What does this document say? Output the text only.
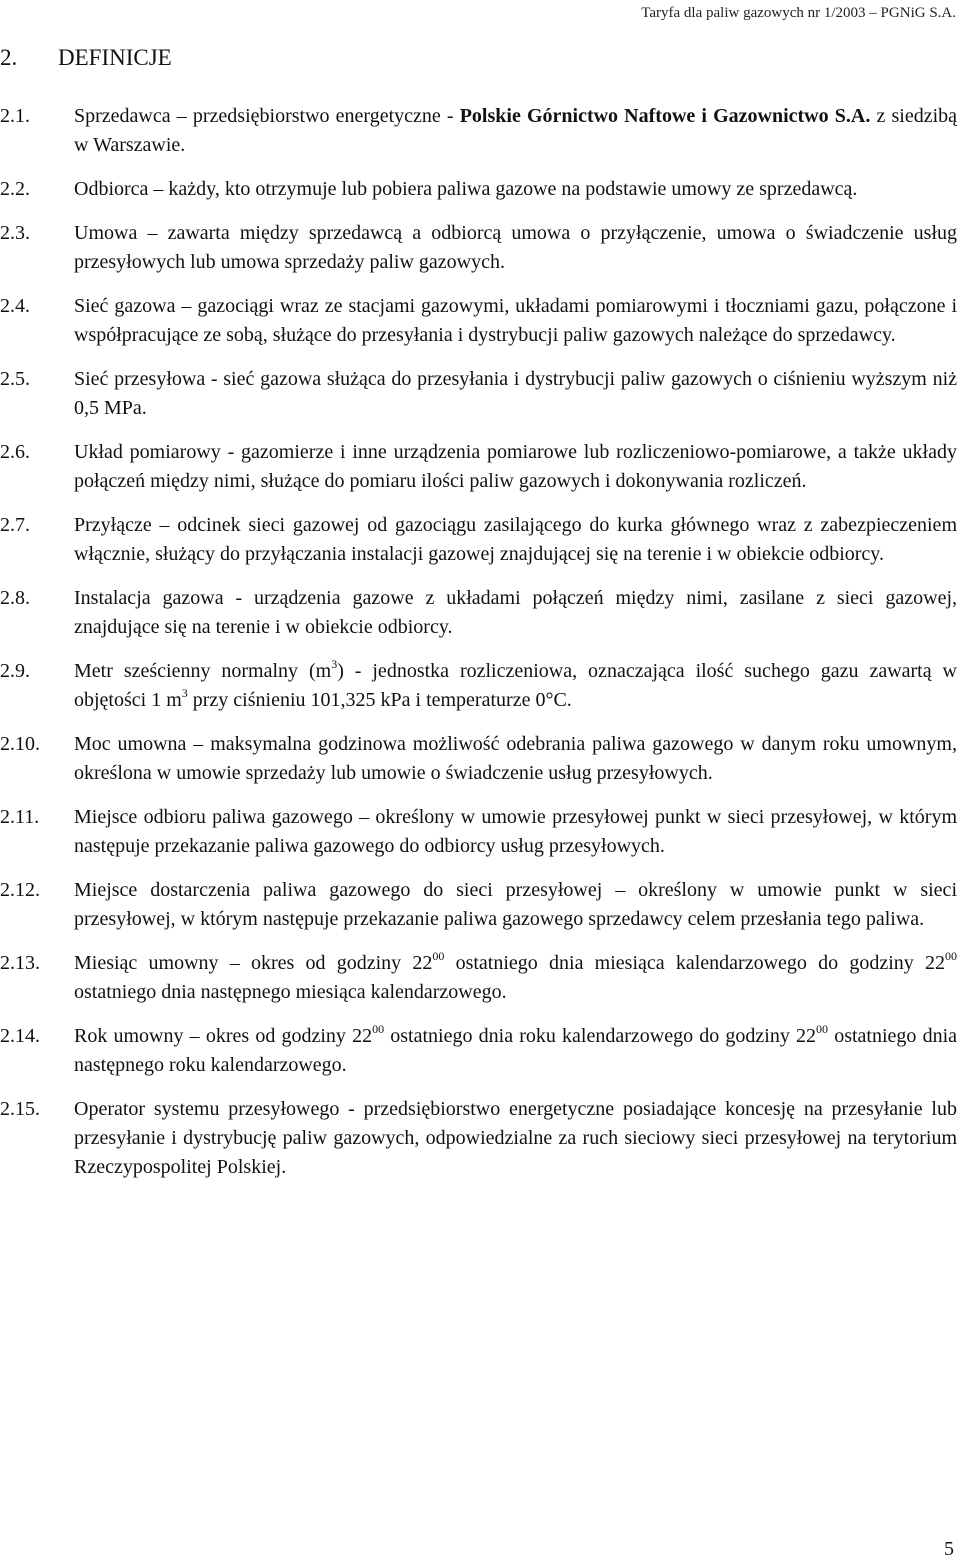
Taryfa dla paliw gazowych nr 1/2003 – PGNiG S.A.
2. DEFINICJE
2.1. Sprzedawca – przedsiębiorstwo energetyczne - Polskie Górnictwo Naftowe i Gazownictwo S.A. z siedzibą w Warszawie.
2.2. Odbiorca – każdy, kto otrzymuje lub pobiera paliwa gazowe na podstawie umowy ze sprzedawcą.
2.3. Umowa – zawarta między sprzedawcą a odbiorcą umowa o przyłączenie, umowa o świadczenie usług przesyłowych lub umowa sprzedaży paliw gazowych.
2.4. Sieć gazowa – gazociągi wraz ze stacjami gazowymi, układami pomiarowymi i tłoczniami gazu, połączone i współpracujące ze sobą, służące do przesyłania i dystrybucji paliw gazowych należące do sprzedawcy.
2.5. Sieć przesyłowa - sieć gazowa służąca do przesyłania i dystrybucji paliw gazowych o ciśnieniu wyższym niż 0,5 MPa.
2.6. Układ pomiarowy - gazomierze i inne urządzenia pomiarowe lub rozliczeniowo-pomiarowe, a także układy połączeń między nimi, służące do pomiaru ilości paliw gazowych i dokonywania rozliczeń.
2.7. Przyłącze – odcinek sieci gazowej od gazociągu zasilającego do kurka głównego wraz z zabezpieczeniem włącznie, służący do przyłączania instalacji gazowej znajdującej się na terenie i w obiekcie odbiorcy.
2.8. Instalacja gazowa - urządzenia gazowe z układami połączeń między nimi, zasilane z sieci gazowej, znajdujące się na terenie i w obiekcie odbiorcy.
2.9. Metr sześcienny normalny $(m^3)$ - jednostka rozliczeniowa, oznaczająca ilość suchego gazu zawartą w objętości 1 $m^3$ przy ciśnieniu 101,325 kPa i temperaturze 0°C.
2.10. Moc umowna – maksymalna godzinowa możliwość odebrania paliwa gazowego w danym roku umownym, określona w umowie sprzedaży lub umowie o świadczenie usług przesyłowych.
2.11. Miejsce odbioru paliwa gazowego – określony w umowie przesyłowej punkt w sieci przesyłowej, w którym następuje przekazanie paliwa gazowego do odbiorcy usług przesyłowych.
2.12. Miejsce dostarczenia paliwa gazowego do sieci przesyłowej – określony w umowie punkt w sieci przesyłowej, w którym następuje przekazanie paliwa gazowego sprzedawcy celem przesłania tego paliwa.
2.13. Miesiąc umowny – okres od godziny $22^{00}$ ostatniego dnia miesiąca kalendarzowego do godziny $22^{00}$ ostatniego dnia następnego miesiąca kalendarzowego.
2.14. Rok umowny – okres od godziny $22^{00}$ ostatniego dnia roku kalendarzowego do godziny $22^{00}$ ostatniego dnia następnego roku kalendarzowego.
2.15. Operator systemu przesyłowego - przedsiębiorstwo energetyczne posiadające koncesję na przesyłanie lub przesyłanie i dystrybucję paliw gazowych, odpowiedzialne za ruch sieciowy sieci przesyłowej na terytorium Rzeczypospolitej Polskiej.
5
